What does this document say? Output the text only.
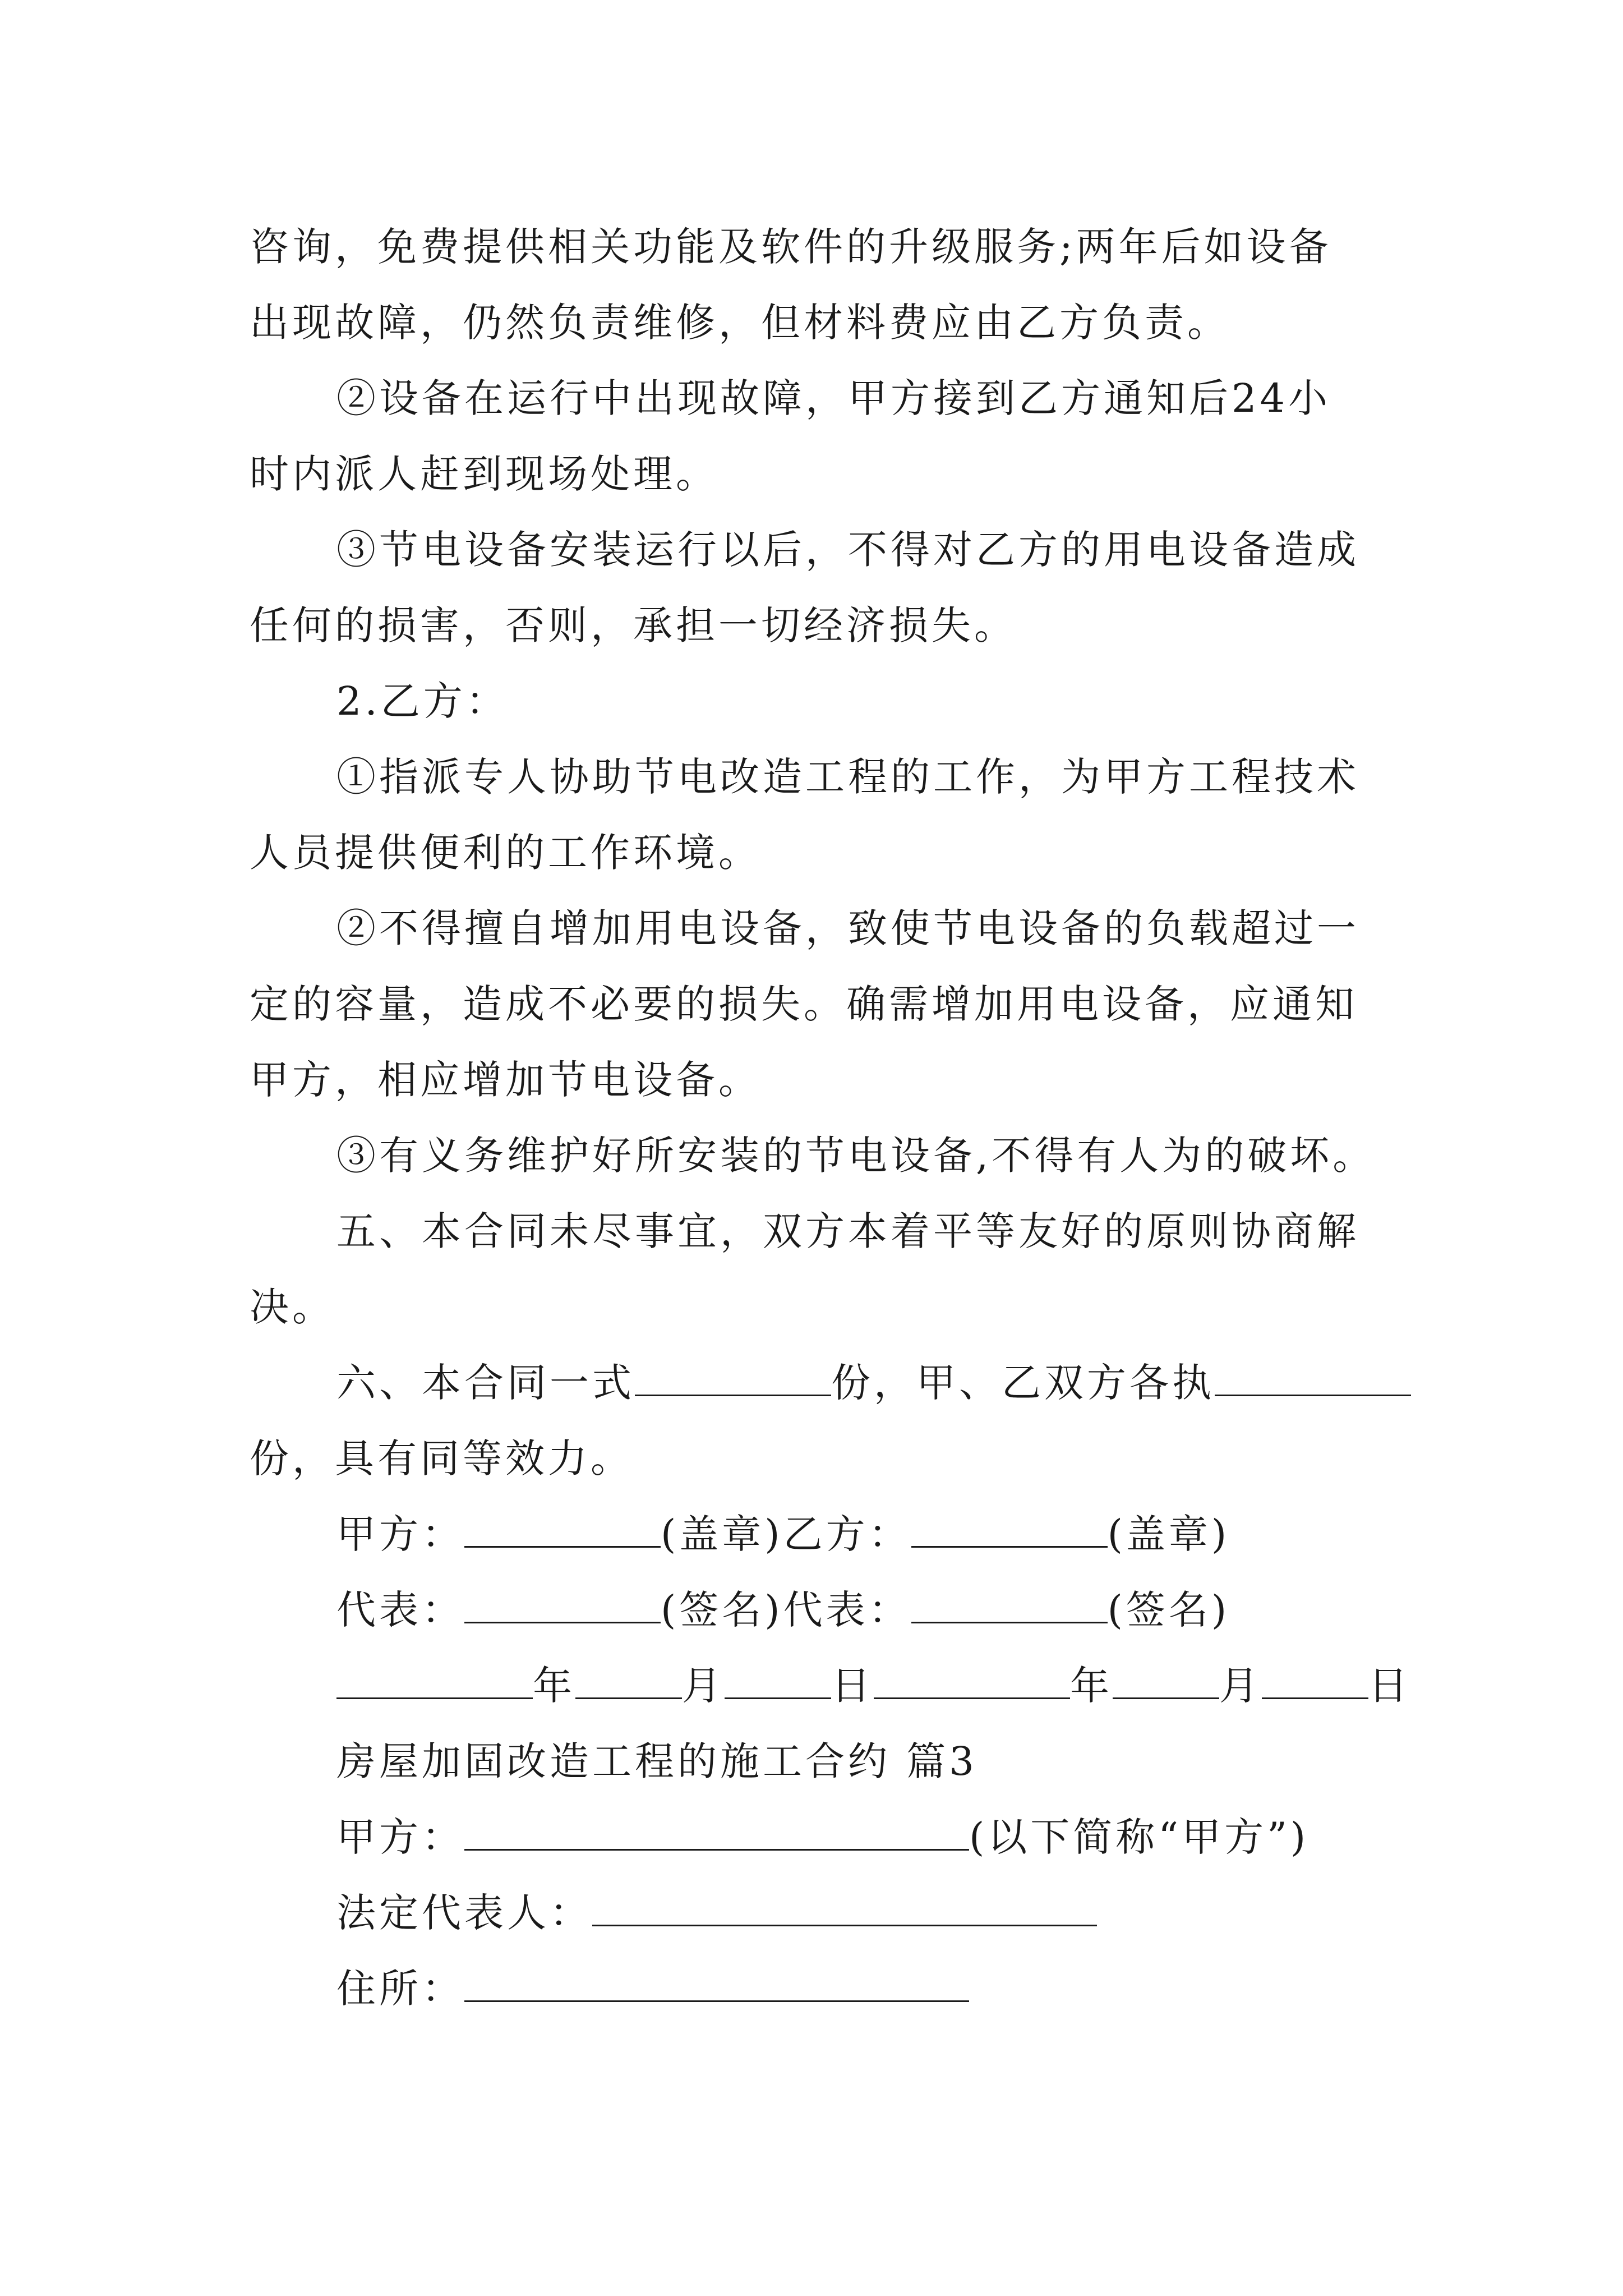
咨询，免费提供相关功能及软件的升级服务;两年后如设备
出现故障，仍然负责维修，但材料费应由乙方负责。
②设备在运行中出现故障，甲方接到乙方通知后24小
时内派人赶到现场处理。
③节电设备安装运行以后，不得对乙方的用电设备造成
任何的损害，否则，承担一切经济损失。
2.乙方：
①指派专人协助节电改造工程的工作，为甲方工程技术
人员提供便利的工作环境。
②不得擅自增加用电设备，致使节电设备的负载超过一
定的容量，造成不必要的损失。确需增加用电设备，应通知
甲方，相应增加节电设备。
③有义务维护好所安装的节电设备,不得有人为的破坏。
五、本合同未尽事宜，双方本着平等友好的原则协商解
决。
六、本合同一式	份，甲、乙双方各执
份，具有同等效力。
甲方：	(盖章)乙方：	(盖章)
代表：	(签名)代表：	(签名)
年	月	日	年	月	日
房屋加固改造工程的施工合约 篇3
甲方：	(以下简称“甲方”)
法定代表人：
住所：
